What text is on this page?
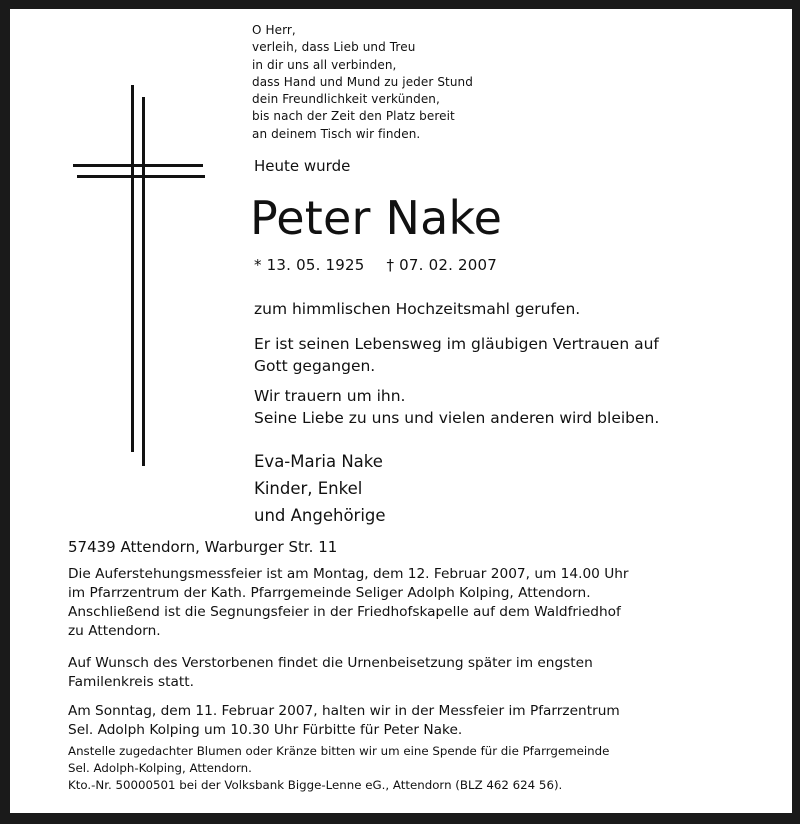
O Herr,
verleih, dass Lieb und Treu
in dir uns all verbinden,
dass Hand und Mund zu jeder Stund
dein Freundlichkeit verkünden,
bis nach der Zeit den Platz bereit
an deinem Tisch wir finden.
Heute wurde
Peter Nake
* 13. 05. 1925 † 07. 02. 2007
zum himmlischen Hochzeitsmahl gerufen.
Er ist seinen Lebensweg im gläubigen Vertrauen auf
Gott gegangen.
Wir trauern um ihn.
Seine Liebe zu uns und vielen anderen wird bleiben.
Eva-Maria Nake
Kinder, Enkel
und Angehörige
57439 Attendorn, Warburger Str. 11
Die Auferstehungsmessfeier ist am Montag, dem 12. Februar 2007, um 14.00 Uhr
im Pfarrzentrum der Kath. Pfarrgemeinde Seliger Adolph Kolping, Attendorn.
Anschließend ist die Segnungsfeier in der Friedhofskapelle auf dem Waldfriedhof
zu Attendorn.
Auf Wunsch des Verstorbenen findet die Urnenbeisetzung später im engsten
Familenkreis statt.
Am Sonntag, dem 11. Februar 2007, halten wir in der Messfeier im Pfarrzentrum
Sel. Adolph Kolping um 10.30 Uhr Fürbitte für Peter Nake.
Anstelle zugedachter Blumen oder Kränze bitten wir um eine Spende für die Pfarrgemeinde
Sel. Adolph-Kolping, Attendorn.
Kto.-Nr. 50000501 bei der Volksbank Bigge-Lenne eG., Attendorn (BLZ 462 624 56).
